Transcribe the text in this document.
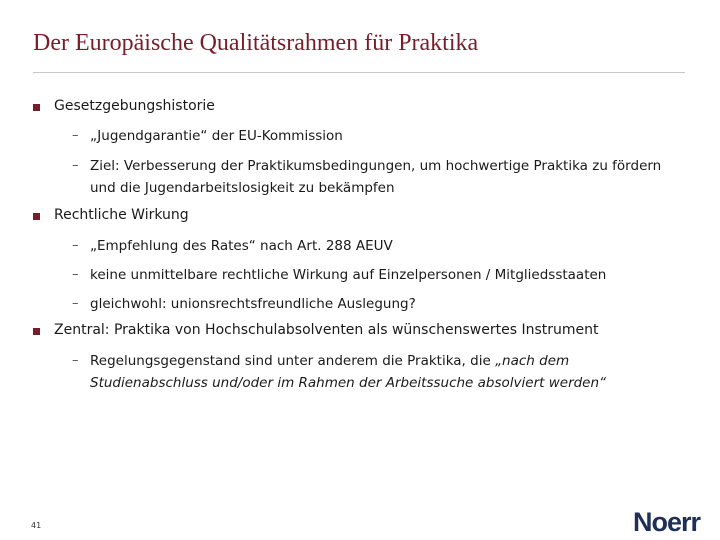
Der Europäische Qualitätsrahmen für Praktika
Gesetzgebungshistorie
– „Jugendgarantie“ der EU-Kommission
– Ziel: Verbesserung der Praktikumsbedingungen, um hochwertige Praktika zu fördern und die Jugendarbeitslosigkeit zu bekämpfen
Rechtliche Wirkung
– „Empfehlung des Rates“ nach Art. 288 AEUV
– keine unmittelbare rechtliche Wirkung auf Einzelpersonen / Mitgliedsstaaten
– gleichwohl: unionsrechtsfreundliche Auslegung?
Zentral: Praktika von Hochschulabsolventen als wünschenswertes Instrument
– Regelungsgegenstand sind unter anderem die Praktika, die „nach dem Studienabschluss und/oder im Rahmen der Arbeitssuche absolviert werden“
41	Noerr
